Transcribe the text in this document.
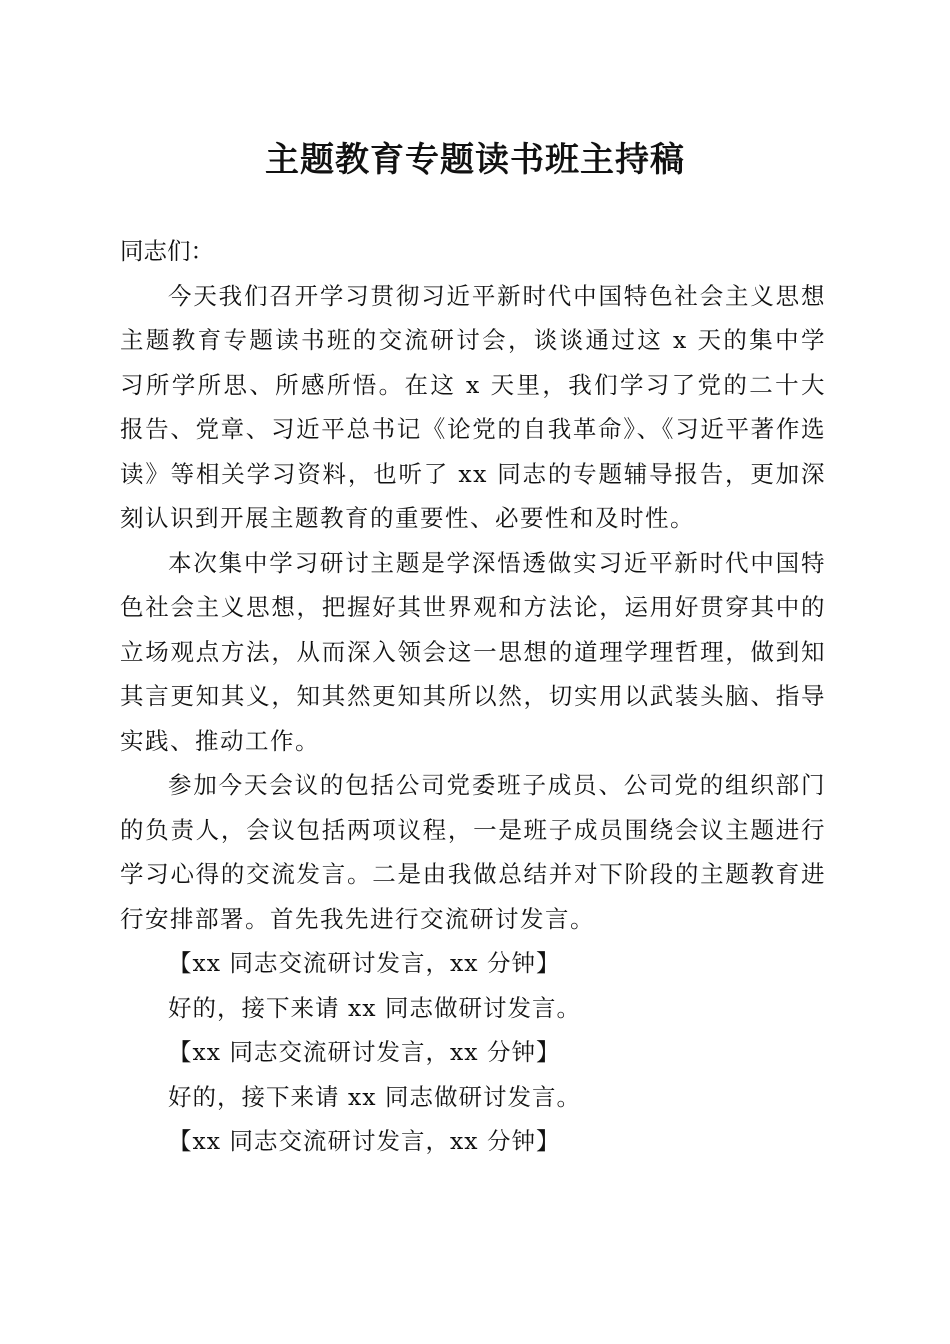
主题教育专题读书班主持稿

同志们：

今天我们召开学习贯彻习近平新时代中国特色社会主义思想主题教育专题读书班的交流研讨会，谈谈通过这 x 天的集中学习所学所思、所感所悟。在这 x 天里，我们学习了党的二十大报告、党章、习近平总书记《论党的自我革命》、《习近平著作选读》等相关学习资料，也听了 xx 同志的专题辅导报告，更加深刻认识到开展主题教育的重要性、必要性和及时性。

本次集中学习研讨主题是学深悟透做实习近平新时代中国特色社会主义思想，把握好其世界观和方法论，运用好贯穿其中的立场观点方法，从而深入领会这一思想的道理学理哲理，做到知其言更知其义，知其然更知其所以然，切实用以武装头脑、指导实践、推动工作。

参加今天会议的包括公司党委班子成员、公司党的组织部门的负责人，会议包括两项议程，一是班子成员围绕会议主题进行学习心得的交流发言。二是由我做总结并对下阶段的主题教育进行安排部署。首先我先进行交流研讨发言。

【xx 同志交流研讨发言，xx 分钟】

好的，接下来请 xx 同志做研讨发言。

【xx 同志交流研讨发言，xx 分钟】

好的，接下来请 xx 同志做研讨发言。

【xx 同志交流研讨发言，xx 分钟】
